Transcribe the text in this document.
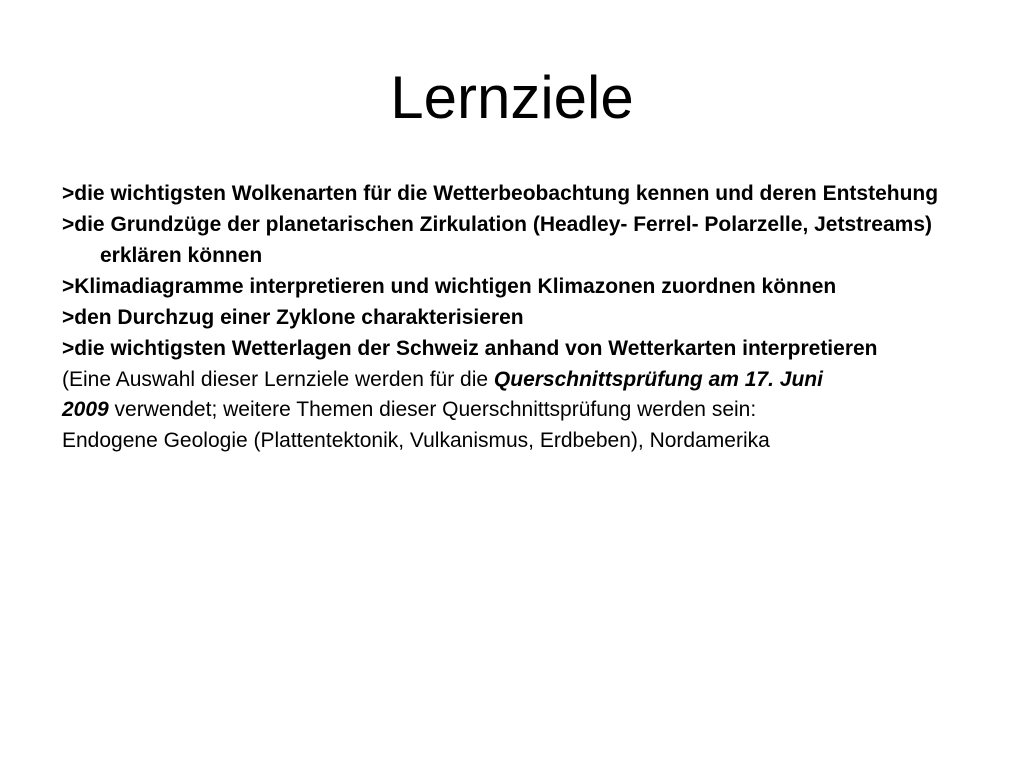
Lernziele

>die wichtigsten Wolkenarten für die Wetterbeobachtung kennen und deren Entstehung

>die Grundzüge der planetarischen Zirkulation (Headley- Ferrel- Polarzelle, Jetstreams) erklären können

>Klimadiagramme interpretieren und wichtigen Klimazonen zuordnen können

>den Durchzug einer Zyklone charakterisieren

>die wichtigsten Wetterlagen der Schweiz anhand von Wetterkarten interpretieren

(Eine Auswahl dieser Lernziele werden für die Querschnittsprüfung am 17. Juni

2009 verwendet; weitere Themen dieser Querschnittsprüfung werden sein:

Endogene Geologie (Plattentektonik, Vulkanismus, Erdbeben), Nordamerika
